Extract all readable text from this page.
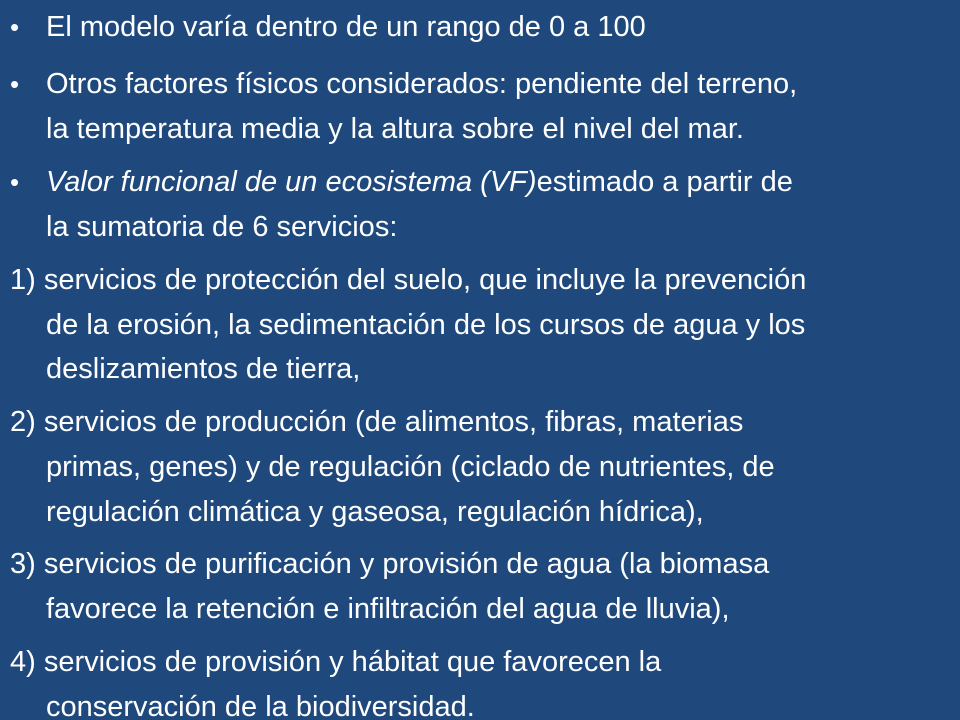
• El modelo varía dentro de un rango de 0 a 100
• Otros factores físicos considerados: pendiente del terreno,
la temperatura media y la altura sobre el nivel del mar.
• Valor funcional de un ecosistema (VF)estimado a partir de
la sumatoria de 6 servicios:
1) servicios de protección del suelo, que incluye la prevención
de la erosión, la sedimentación de los cursos de agua y los
deslizamientos de tierra,
2) servicios de producción (de alimentos, fibras, materias
primas, genes) y de regulación (ciclado de nutrientes, de
regulación climática y gaseosa, regulación hídrica),
3) servicios de purificación y provisión de agua (la biomasa
favorece la retención e infiltración del agua de lluvia),
4) servicios de provisión y hábitat que favorecen la
conservación de la biodiversidad.
